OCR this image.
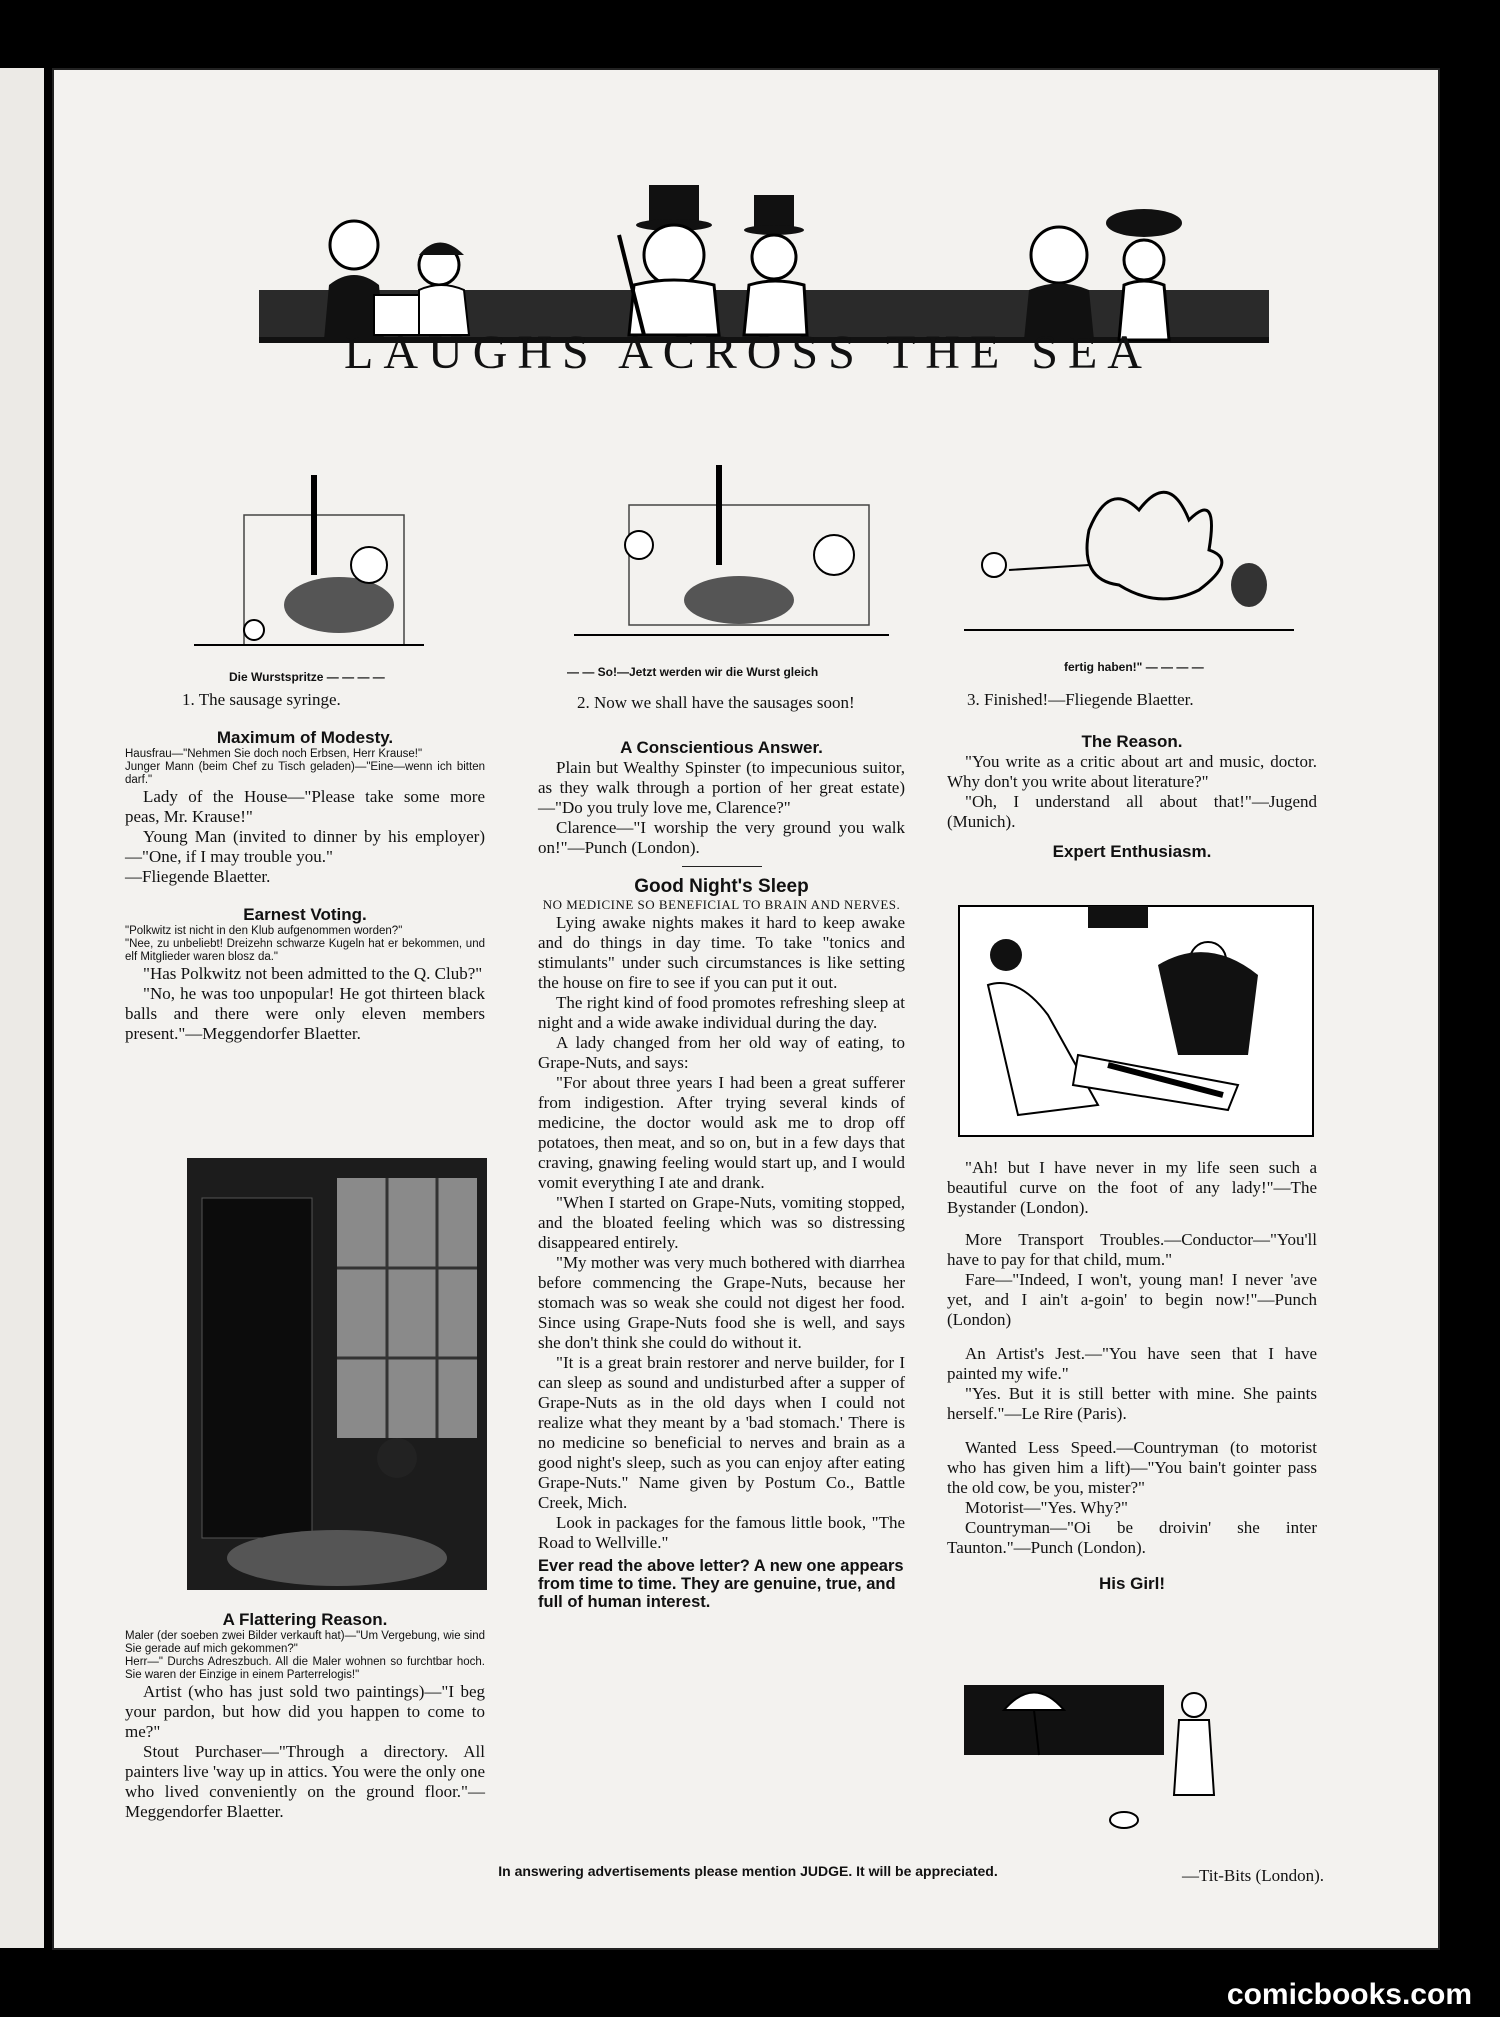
LAUGHS ACROSS THE SEA
Die Wurstspritze — — — —
1. The sausage syringe.
— — So!—Jetzt werden wir die Wurst gleich
2. Now we shall have the sausages soon!
fertig haben!" — — — —
3. Finished!—Fliegende Blaetter.

Maximum of Modesty.

Hausfrau—"Nehmen Sie doch noch Erbsen, Herr Krause!"

Junger Mann (beim Chef zu Tisch geladen)—"Eine—wenn ich bitten darf."

Lady of the House—"Please take some more peas, Mr. Krause!"

Young Man (invited to dinner by his employer)—"One, if I may trouble you."

—Fliegende Blaetter.

Earnest Voting.

"Polkwitz ist nicht in den Klub aufgenommen worden?"

"Nee, zu unbeliebt! Dreizehn schwarze Kugeln hat er bekommen, und elf Mitglieder waren blosz da."

"Has Polkwitz not been admitted to the Q. Club?"

"No, he was too unpopular! He got thirteen black balls and there were only eleven members present."—Meggendorfer Blaetter.

A Flattering Reason.

Maler (der soeben zwei Bilder verkauft hat)—"Um Vergebung, wie sind Sie gerade auf mich gekommen?"

Herr—" Durchs Adreszbuch. All die Maler wohnen so furchtbar hoch. Sie waren der Einzige in einem Parterrelogis!"

Artist (who has just sold two paintings)—"I beg your pardon, but how did you happen to come to me?"

Stout Purchaser—"Through a directory. All painters live 'way up in attics. You were the only one who lived conveniently on the ground floor."—Meggendorfer Blaetter.

A Conscientious Answer.

Plain but Wealthy Spinster (to impecunious suitor, as they walk through a portion of her great estate)—"Do you truly love me, Clarence?"

Clarence—"I worship the very ground you walk on!"—Punch (London).

Good Night's Sleep

NO MEDICINE SO BENEFICIAL TO BRAIN AND NERVES.

Lying awake nights makes it hard to keep awake and do things in day time. To take "tonics and stimulants" under such circumstances is like setting the house on fire to see if you can put it out.

The right kind of food promotes refreshing sleep at night and a wide awake individual during the day.

A lady changed from her old way of eating, to Grape-Nuts, and says:

"For about three years I had been a great sufferer from indigestion. After trying several kinds of medicine, the doctor would ask me to drop off potatoes, then meat, and so on, but in a few days that craving, gnawing feeling would start up, and I would vomit everything I ate and drank.

"When I started on Grape-Nuts, vomiting stopped, and the bloated feeling which was so distressing disappeared entirely.

"My mother was very much bothered with diarrhea before commencing the Grape-Nuts, because her stomach was so weak she could not digest her food. Since using Grape-Nuts food she is well, and says she don't think she could do without it.

"It is a great brain restorer and nerve builder, for I can sleep as sound and undisturbed after a supper of Grape-Nuts as in the old days when I could not realize what they meant by a 'bad stomach.' There is no medicine so beneficial to nerves and brain as a good night's sleep, such as you can enjoy after eating Grape-Nuts." Name given by Postum Co., Battle Creek, Mich.

Look in packages for the famous little book, "The Road to Wellville."

Ever read the above letter? A new one appears from time to time. They are genuine, true, and full of human interest.

The Reason.

"You write as a critic about art and music, doctor. Why don't you write about literature?"

"Oh, I understand all about that!"—Jugend (Munich).

Expert Enthusiasm.

"Ah! but I have never in my life seen such a beautiful curve on the foot of any lady!"—The Bystander (London).

More Transport Troubles.—Conductor—"You'll have to pay for that child, mum."

Fare—"Indeed, I won't, young man! I never 'ave yet, and I ain't a-goin' to begin now!"—Punch (London)

An Artist's Jest.—"You have seen that I have painted my wife."

"Yes. But it is still better with mine. She paints herself."—Le Rire (Paris).

Wanted Less Speed.—Countryman (to motorist who has given him a lift)—"You bain't gointer pass the old cow, be you, mister?"

Motorist—"Yes. Why?"

Countryman—"Oi be droivin' she inter Taunton."—Punch (London).

His Girl!

—Tit-Bits (London).
In answering advertisements please mention JUDGE. It will be appreciated.
comicbooks.com
